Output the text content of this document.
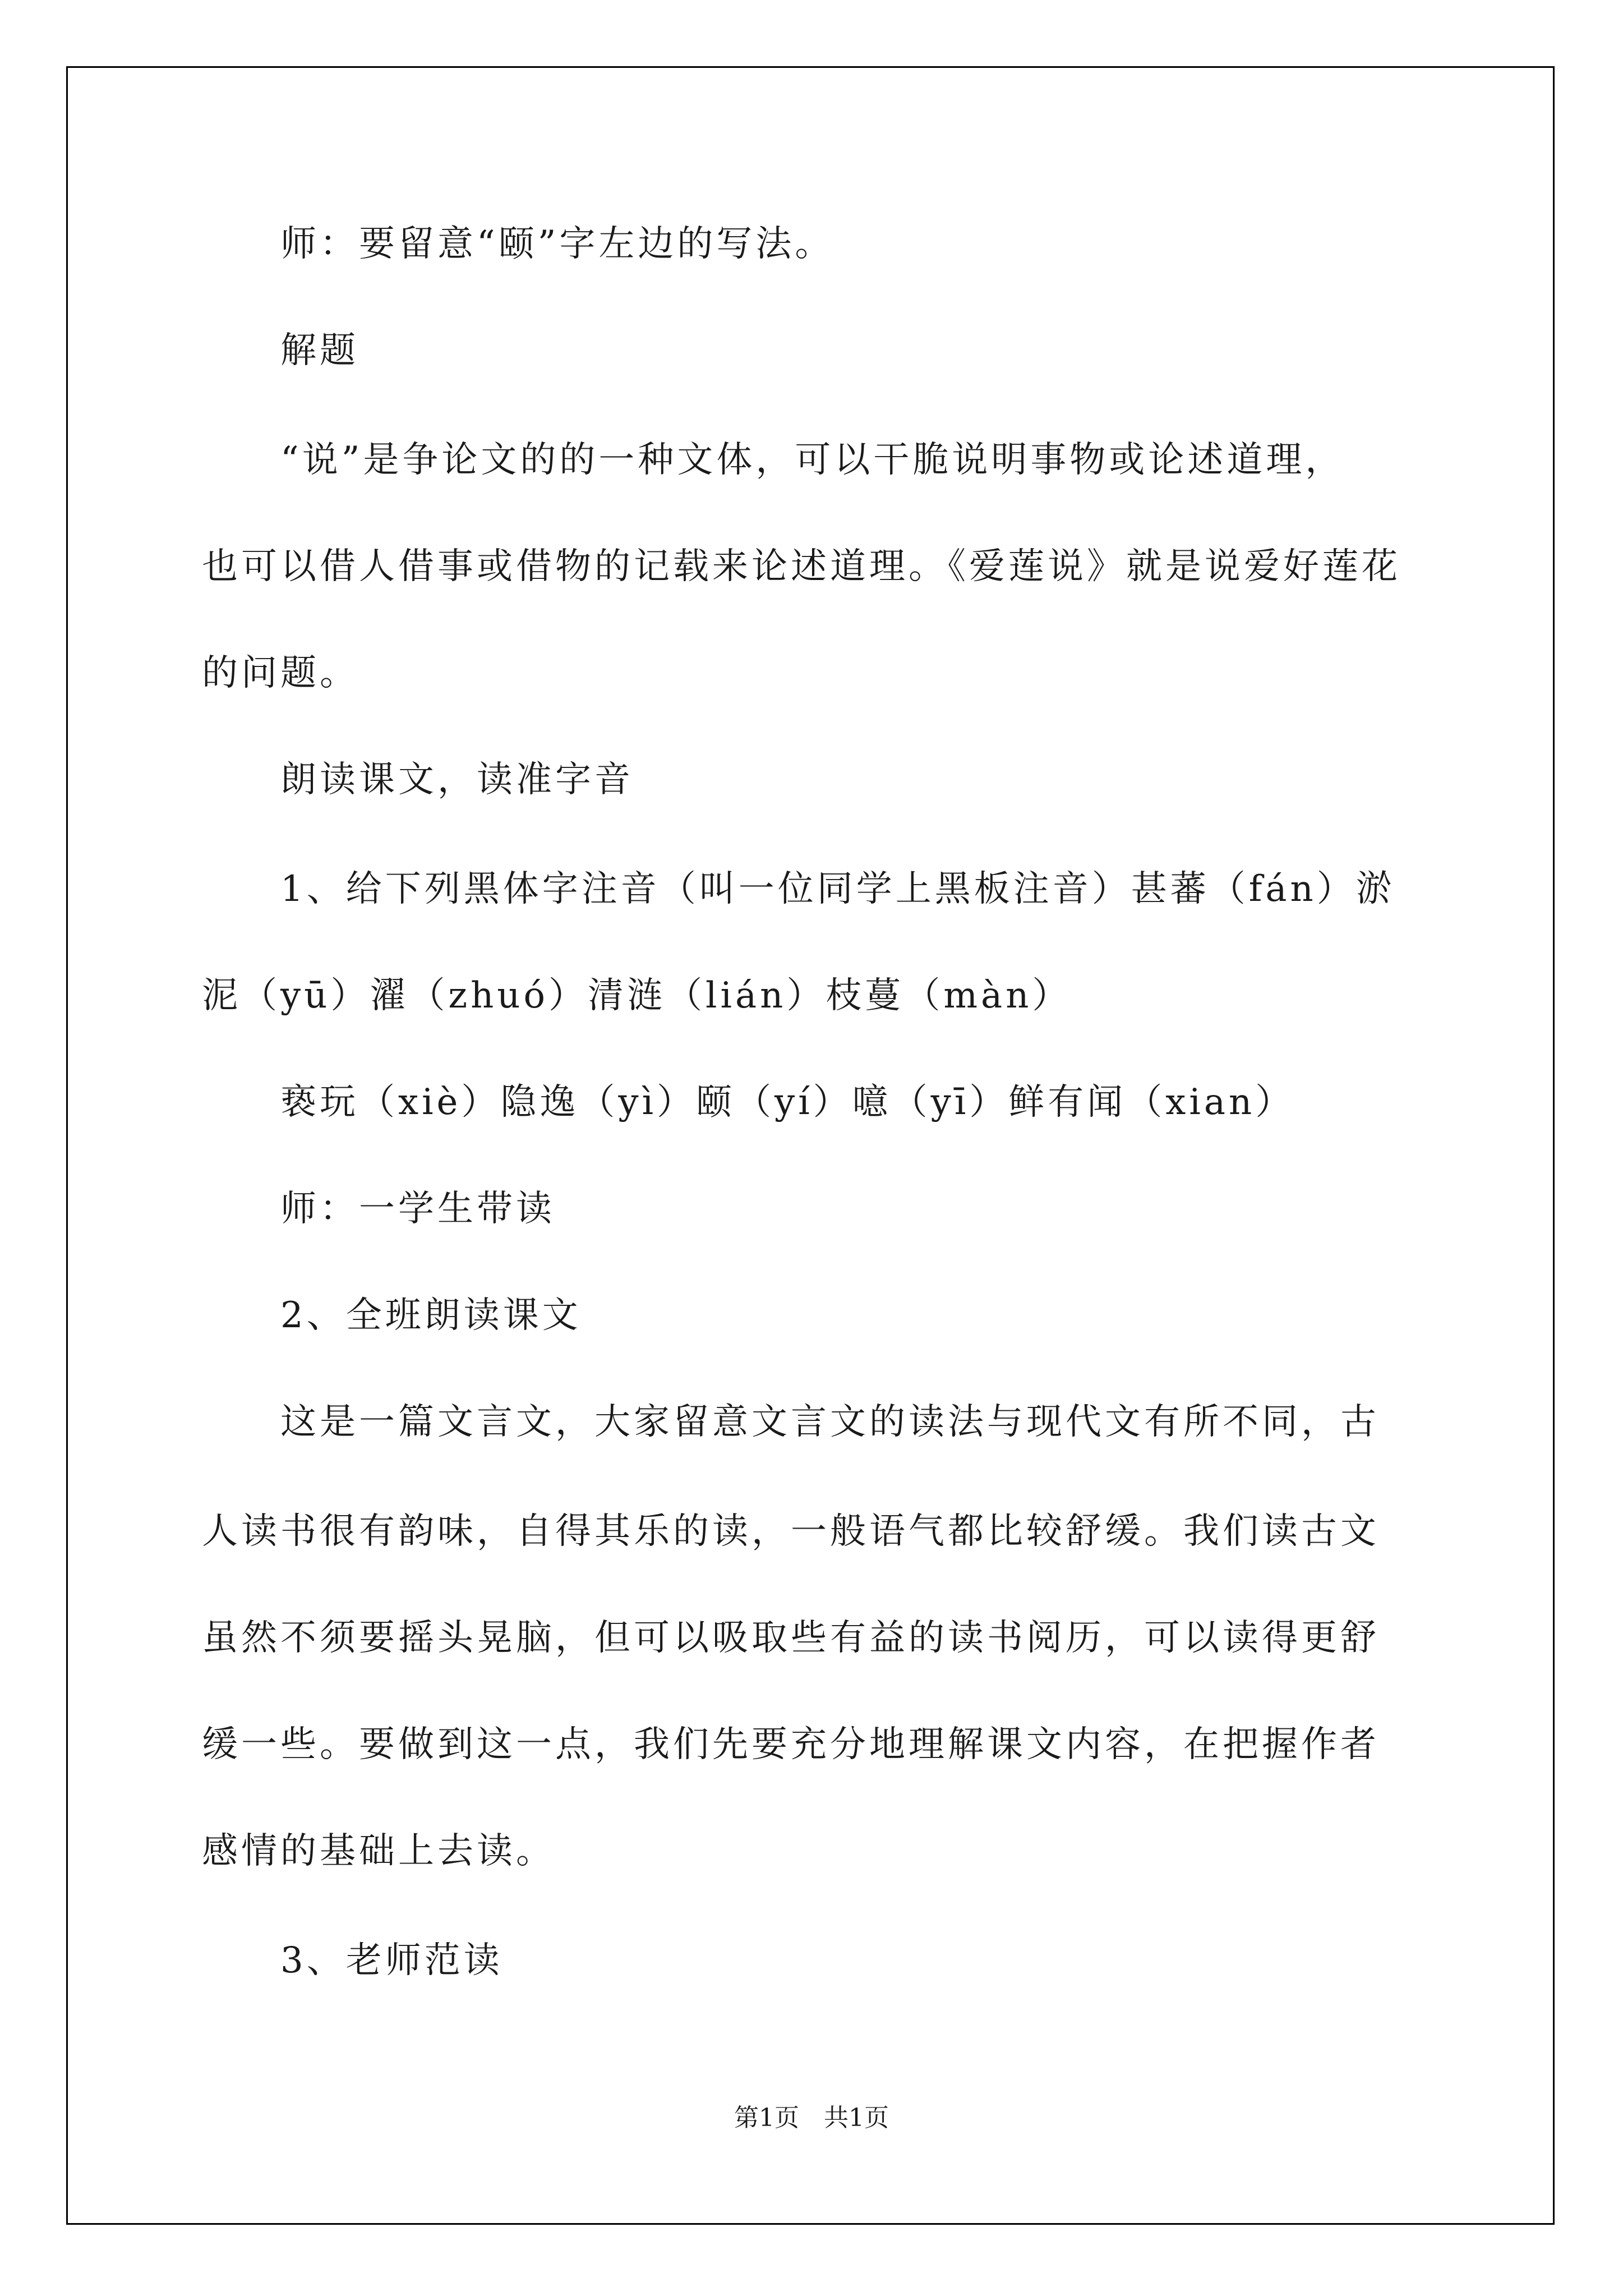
师：要留意“颐”字左边的写法。
解题
“说”是争论文的的一种文体，可以干脆说明事物或论述道理，
也可以借人借事或借物的记载来论述道理。《爱莲说》就是说爱好莲花
的问题。
朗读课文，读准字音
1、给下列黑体字注音（叫一位同学上黑板注音）甚蕃（fán）淤
泥（yū）濯（zhuó）清涟（lián）枝蔓（màn）
亵玩（xiè）隐逸（yì）颐（yí）噫（yī）鲜有闻（xian）
师：一学生带读
2、全班朗读课文
这是一篇文言文，大家留意文言文的读法与现代文有所不同，古
人读书很有韵味，自得其乐的读，一般语气都比较舒缓。我们读古文
虽然不须要摇头晃脑，但可以吸取些有益的读书阅历，可以读得更舒
缓一些。要做到这一点，我们先要充分地理解课文内容，在把握作者
感情的基础上去读。
3、老师范读
第1页　共1页
